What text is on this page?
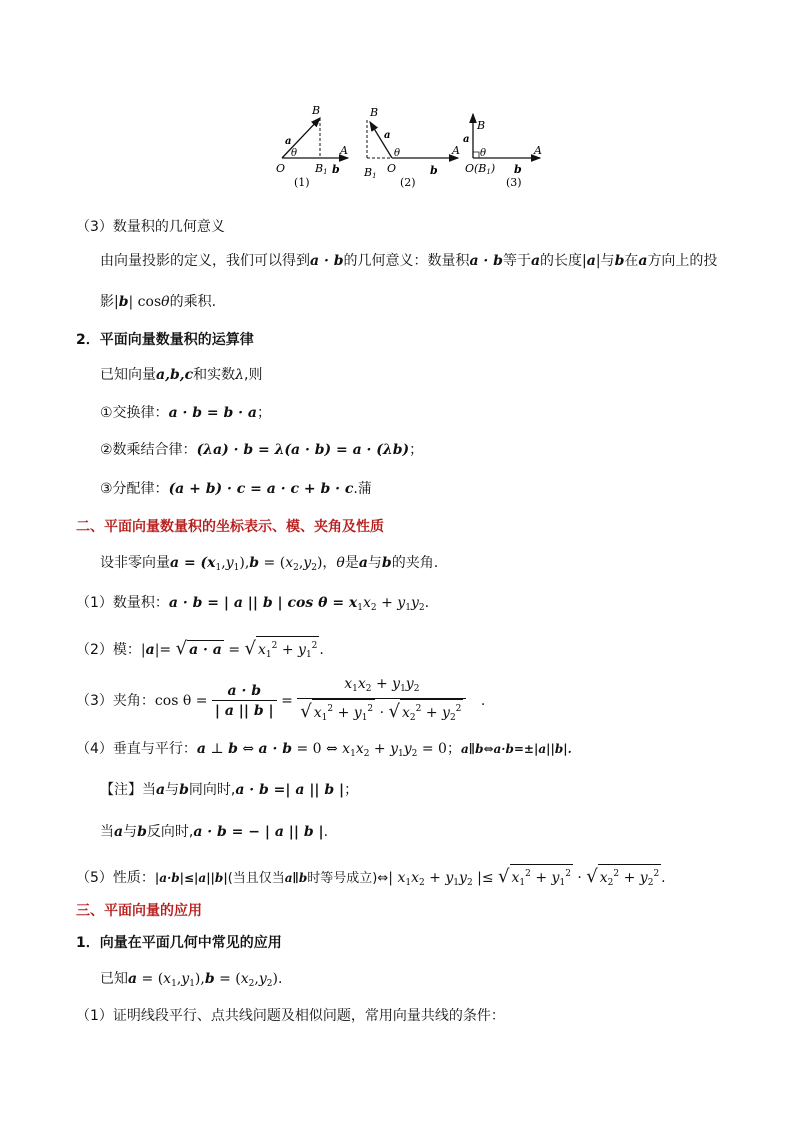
B
a
θ
O
A
B1 b
(1)
B
a
θ
O
A
B1	b
(2)
B
a
θ	A
O(B1) b
(3)
（3）数量积的几何意义
由向量投影的定义，我们可以得到a · b的几何意义：数量积a · b等于a的长度|a|与b在a方向上的投
影|b| cosθ的乘积.
2．平面向量数量积的运算律
已知向量a,b,c和实数λ,则
①交换律：a · b = b · a；
②数乘结合律：(λa) · b = λ(a · b) = a · (λb)；
③分配律：(a + b) · c = a · c + b · c.蒲
二、平面向量数量积的坐标表示、模、夹角及性质
设非零向量$a = (x_1,y_1),b = (x_2,y_2)$，θ是a与b的夹角.
（1）数量积：a · b = | a || b | $\cos \theta = x_1x_2 + y_1y_2$.
（2）模：|a|= √ a · a = √ $x_1^2 + y_1^2$ .
（3）夹角：$\cos \theta = \frac{a \cdot b}{| a || b |} = \frac{x_1x_2 + y_1y_2}{√ x_1^2 + y_1^2 \cdot √ x_2^2 + y_2^2}$ .
（4）垂直与平行：a ⊥ b ⇔ a · b = 0 ⇔ $x_1x_2 + y_1y_2 = 0$；a∥b⇔a·b=±|a||b|.
【注】当a与b同向时,a · b =| a || b |；
当a与b反向时,a · b = − | a || b |.
（5）性质：|a·b|≤|a||b|(当且仅当a∥b时等号成立)⇔| $x_1x_2 + y_1y_2$ |≤ √ $x_1^2 + y_1^2$ · √ $x_2^2 + y_2^2$ .
三、平面向量的应用
1．向量在平面几何中常见的应用
已知$a = (x_1,y_1),b = (x_2,y_2)$.
（1）证明线段平行、点共线问题及相似问题，常用向量共线的条件：
